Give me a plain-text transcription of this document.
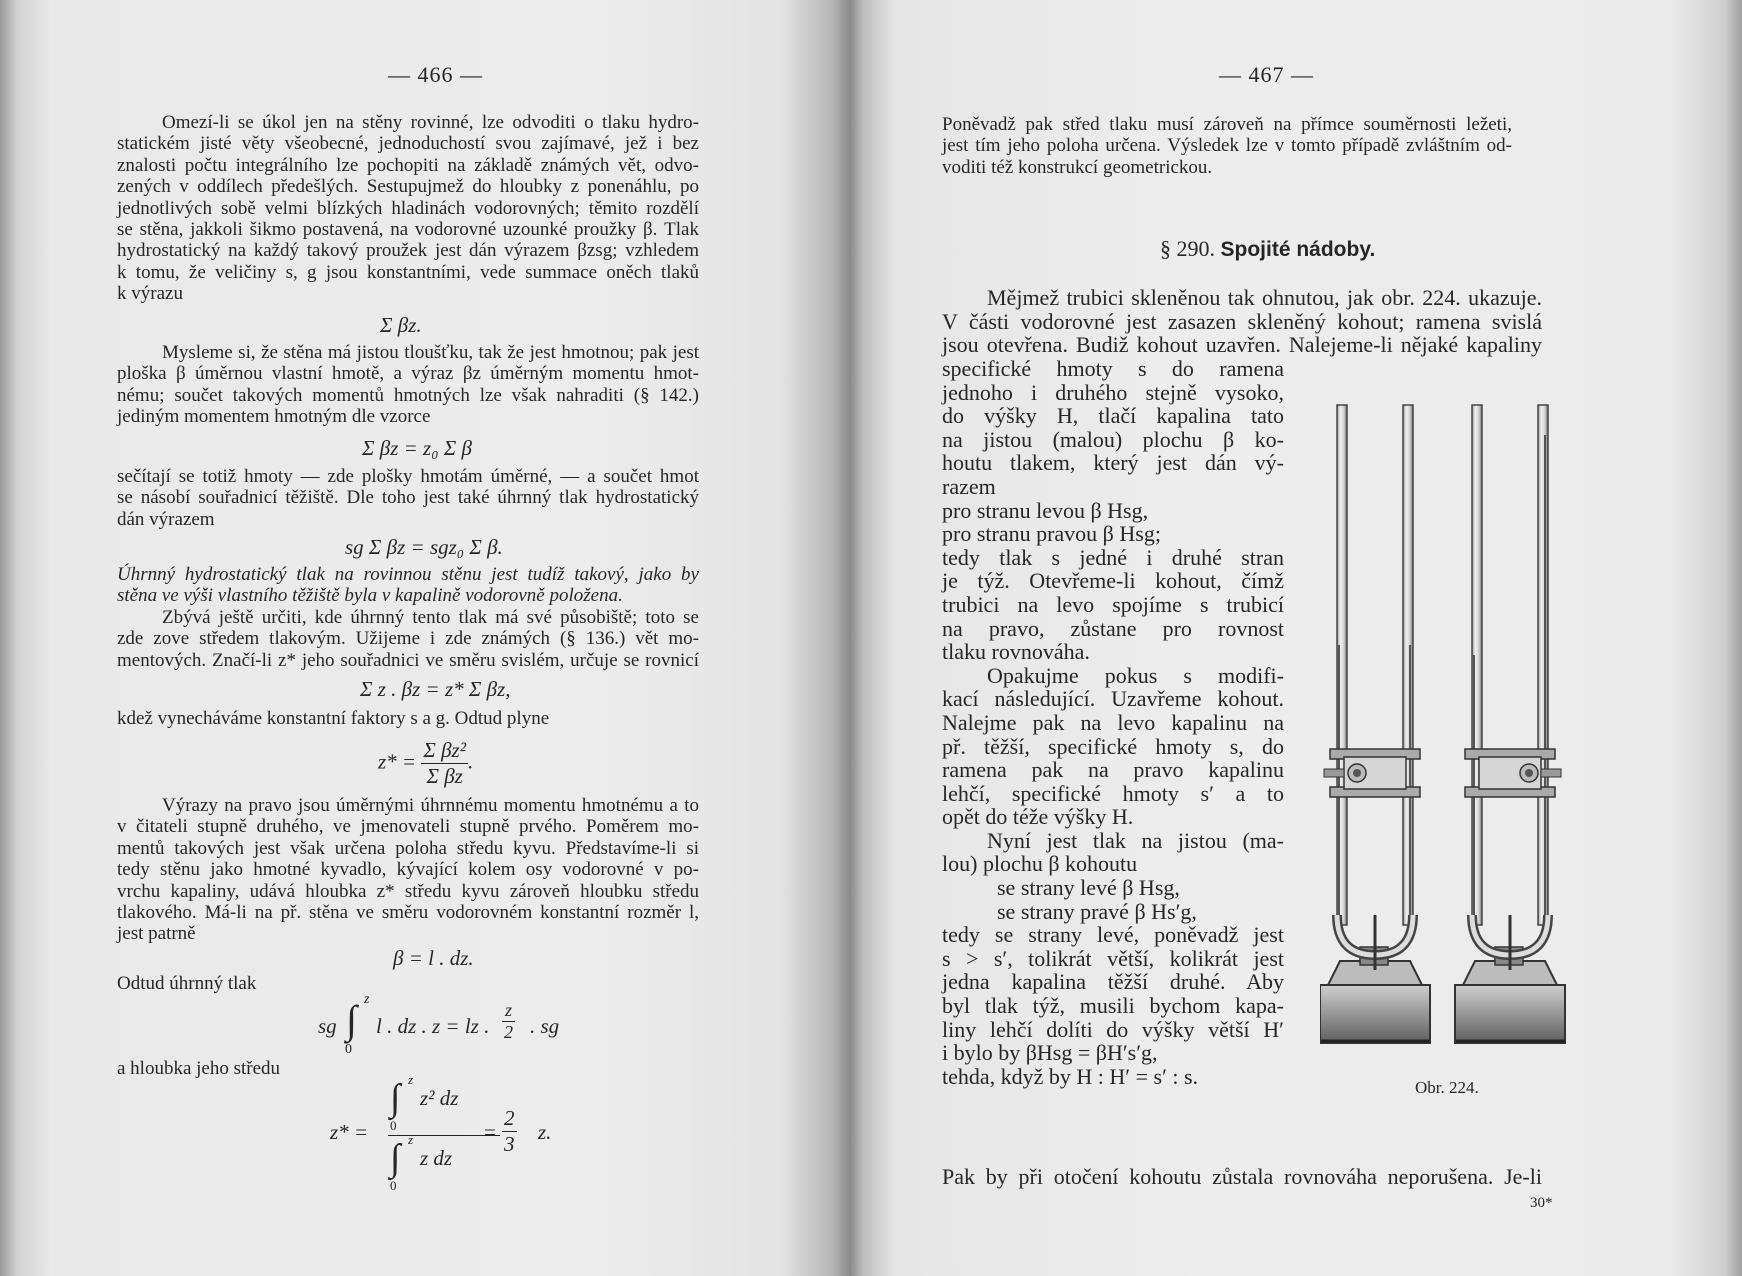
— 466 —
Omezí-li se úkol jen na stěny rovinné, lze odvoditi o tlaku hydro-
statickém jisté věty všeobecné, jednoduchostí svou zajímavé, jež i bez
znalosti počtu integrálního lze pochopiti na základě známých vět, odvo-
zených v oddílech předešlých. Sestupujmež do hloubky z ponenáhlu, po
jednotlivých sobě velmi blízkých hladinách vodorovných; těmito rozdělí
se stěna, jakkoli šikmo postavená, na vodorovné uzounké proužky β. Tlak
hydrostatický na každý takový proužek jest dán výrazem βzsg; vzhledem
k tomu, že veličiny s, g jsou konstantními, vede summace oněch tlaků
k výrazu
Σ βz.
Mysleme si, že stěna má jistou tloušťku, tak že jest hmotnou; pak jest
ploška β úměrnou vlastní hmotě, a výraz βz úměrným momentu hmot-
nému; součet takových momentů hmotných lze však nahraditi (§ 142.)
jediným momentem hmotným dle vzorce
Σ βz = z₀ Σ β
sečítají se totiž hmoty — zde plošky hmotám úměrné, — a součet hmot
se násobí souřadnicí těžiště. Dle toho jest také úhrnný tlak hydrostatický
dán výrazem
sg Σ βz = sgz₀ Σ β.
Úhrnný hydrostatický tlak na rovinnou stěnu jest tudíž takový, jako by
stěna ve výši vlastního těžiště byla v kapalině vodorovně položena.
Zbývá ještě určiti, kde úhrnný tento tlak má své působiště; toto se
zde zove středem tlakovým. Užijeme i zde známých (§ 136.) vět mo-
mentových. Značí-li z* jeho souřadnici ve směru svislém, určuje se rovnicí
Σ z . βz = z* Σ βz,
kdež vynecháváme konstantní faktory s a g. Odtud plyne
$z* = \frac{\text{Σ βz²}}{\text{Σ βz}}$ .
Výrazy na pravo jsou úměrnými úhrnnému momentu hmotnému a to
v čitateli stupně druhého, ve jmenovateli stupně prvého. Poměrem mo-
mentů takových jest však určena poloha středu kyvu. Představíme-li si
tedy stěnu jako hmotné kyvadlo, kývající kolem osy vodorovné v po-
vrchu kapaliny, udává hloubka z* středu kyvu zároveň hloubku středu
tlakového. Má-li na př. stěna ve směru vodorovném konstantní rozměr l,
jest patrně
β = l . dz.
Odtud úhrnný tlak
sg ∫ z
0
l . dz . z = lz . $\frac{z}{2}$ . sg
a hloubka jeho středu
z* =
∫ z
0
z² dz
∫ z
0
z dz
= $\frac{2}{3} z$.
— 467 —
Poněvadž pak střed tlaku musí zároveň na přímce souměrnosti ležeti,
jest tím jeho poloha určena. Výsledek lze v tomto případě zvláštním od-
voditi též konstrukcí geometrickou.
§ 290. Spojité nádoby.
Mějmež trubici skleněnou tak ohnutou, jak obr. 224. ukazuje.
V části vodorovné jest zasazen skleněný kohout; ramena svislá
jsou otevřena. Budiž kohout uzavřen. Nalejeme-li nějaké kapaliny
specifické hmoty s do ramena
jednoho i druhého stejně vysoko,
do výšky H, tlačí kapalina tato
na jistou (malou) plochu β ko-
houtu tlakem, který jest dán vý-
razem
pro stranu levou β Hsg,
pro stranu pravou β Hsg;
tedy tlak s jedné i druhé stran
je týž. Otevřeme-li kohout, čímž
trubici na levo spojíme s trubicí
na pravo, zůstane pro rovnost
tlaku rovnováha.
Opakujme pokus s modifi-
kací následující. Uzavřeme kohout.
Nalejme pak na levo kapalinu na
př. těžší, specifické hmoty s, do
ramena pak na pravo kapalinu
lehčí, specifické hmoty s′ a to
opět do téže výšky H.
Nyní jest tlak na jistou (ma-
lou) plochu β kohoutu
se strany levé β Hsg,
se strany pravé β Hs′g,
tedy se strany levé, poněvadž jest
s > s′, tolikrát větší, kolikrát jest
jedna kapalina těžší druhé. Aby
byl tlak týž, musili bychom kapa-
liny lehčí dolíti do výšky větší H′
i bylo by βHsg = βH′s′g,
tehda, když by H : H′ = s′ : s.
Pak by při otočení kohoutu zůstala rovnováha neporušena. Je-li
30*
Obr. 224.
